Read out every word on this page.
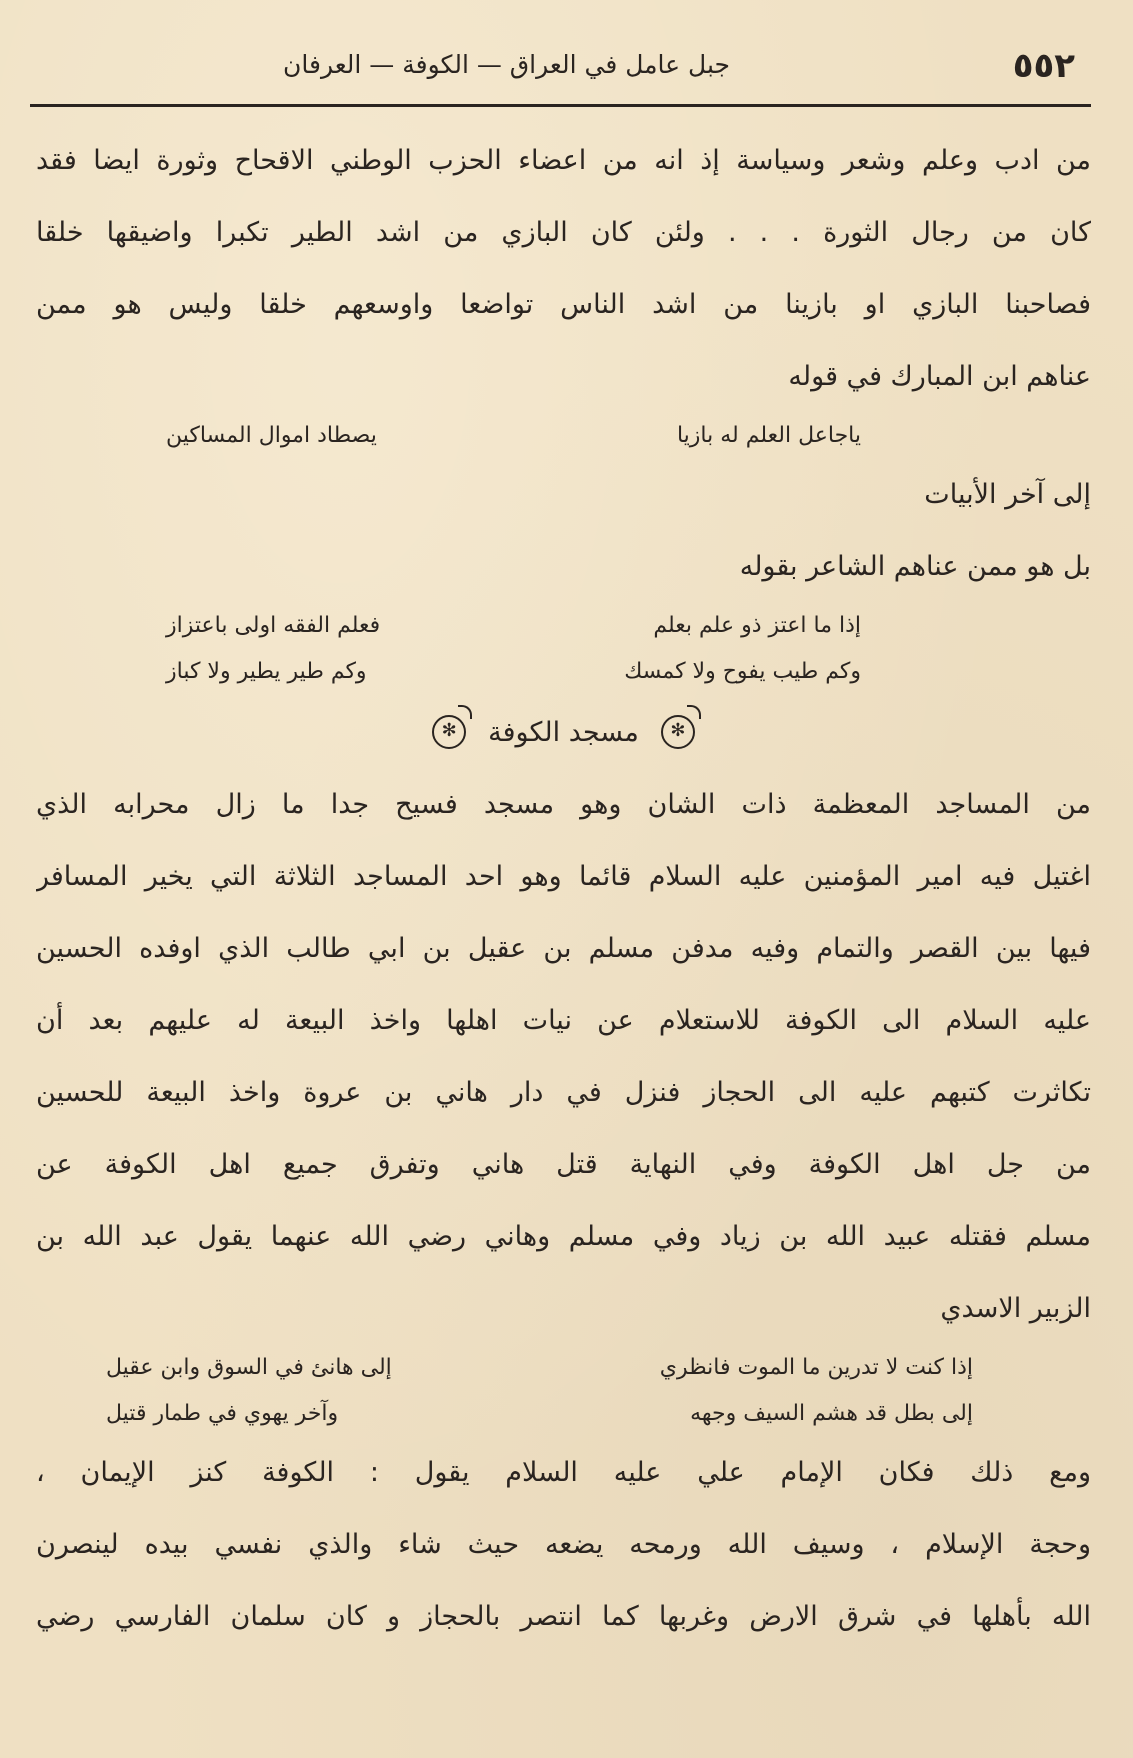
٥٥٢
جبل عامل في العراق — الكوفة — العرفان
من ادب وعلم وشعر وسياسة إذ انه من اعضاء الحزب الوطني الاقحاح وثورة ايضا فقد
كان من رجال الثورة . . . ولئن كان البازي من اشد الطير تكبرا واضيقها خلقا
فصاحبنا البازي او بازينا من اشد الناس تواضعا واوسعهم خلقا وليس هو ممن
عناهم ابن المبارك في قوله
ياجاعل العلم له بازيا
يصطاد اموال المساكين
إلى آخر الأبيات
بل هو ممن عناهم الشاعر بقوله
إذا ما اعتز ذو علم بعلم
فعلم الفقه اولى باعتزاز
وكم طيب يفوح ولا كمسك
وكم طير يطير ولا كباز
✻
مسجد الكوفة
✻
من المساجد المعظمة ذات الشان وهو مسجد فسيح جدا ما زال محرابه الذي
اغتيل فيه امير المؤمنين عليه السلام قائما وهو احد المساجد الثلاثة التي يخير المسافر
فيها بين القصر والتمام وفيه مدفن مسلم بن عقيل بن ابي طالب الذي اوفده الحسين
عليه السلام الى الكوفة للاستعلام عن نيات اهلها واخذ البيعة له عليهم بعد أن
تكاثرت كتبهم عليه الى الحجاز فنزل في دار هاني بن عروة واخذ البيعة للحسين
من جل اهل الكوفة وفي النهاية قتل هاني وتفرق جميع اهل الكوفة عن
مسلم فقتله عبيد الله بن زياد وفي مسلم وهاني رضي الله عنهما يقول عبد الله بن
الزبير الاسدي
إذا كنت لا تدرين ما الموت فانظري
إلى هانئ في السوق وابن عقيل
إلى بطل قد هشم السيف وجهه
وآخر يهوي في طمار قتيل
ومع ذلك فكان الإمام علي عليه السلام يقول : الكوفة كنز الإيمان ،
وحجة الإسلام ، وسيف الله ورمحه يضعه حيث شاء والذي نفسي بيده لينصرن
الله بأهلها في شرق الارض وغربها كما انتصر بالحجاز و كان سلمان الفارسي رضي
